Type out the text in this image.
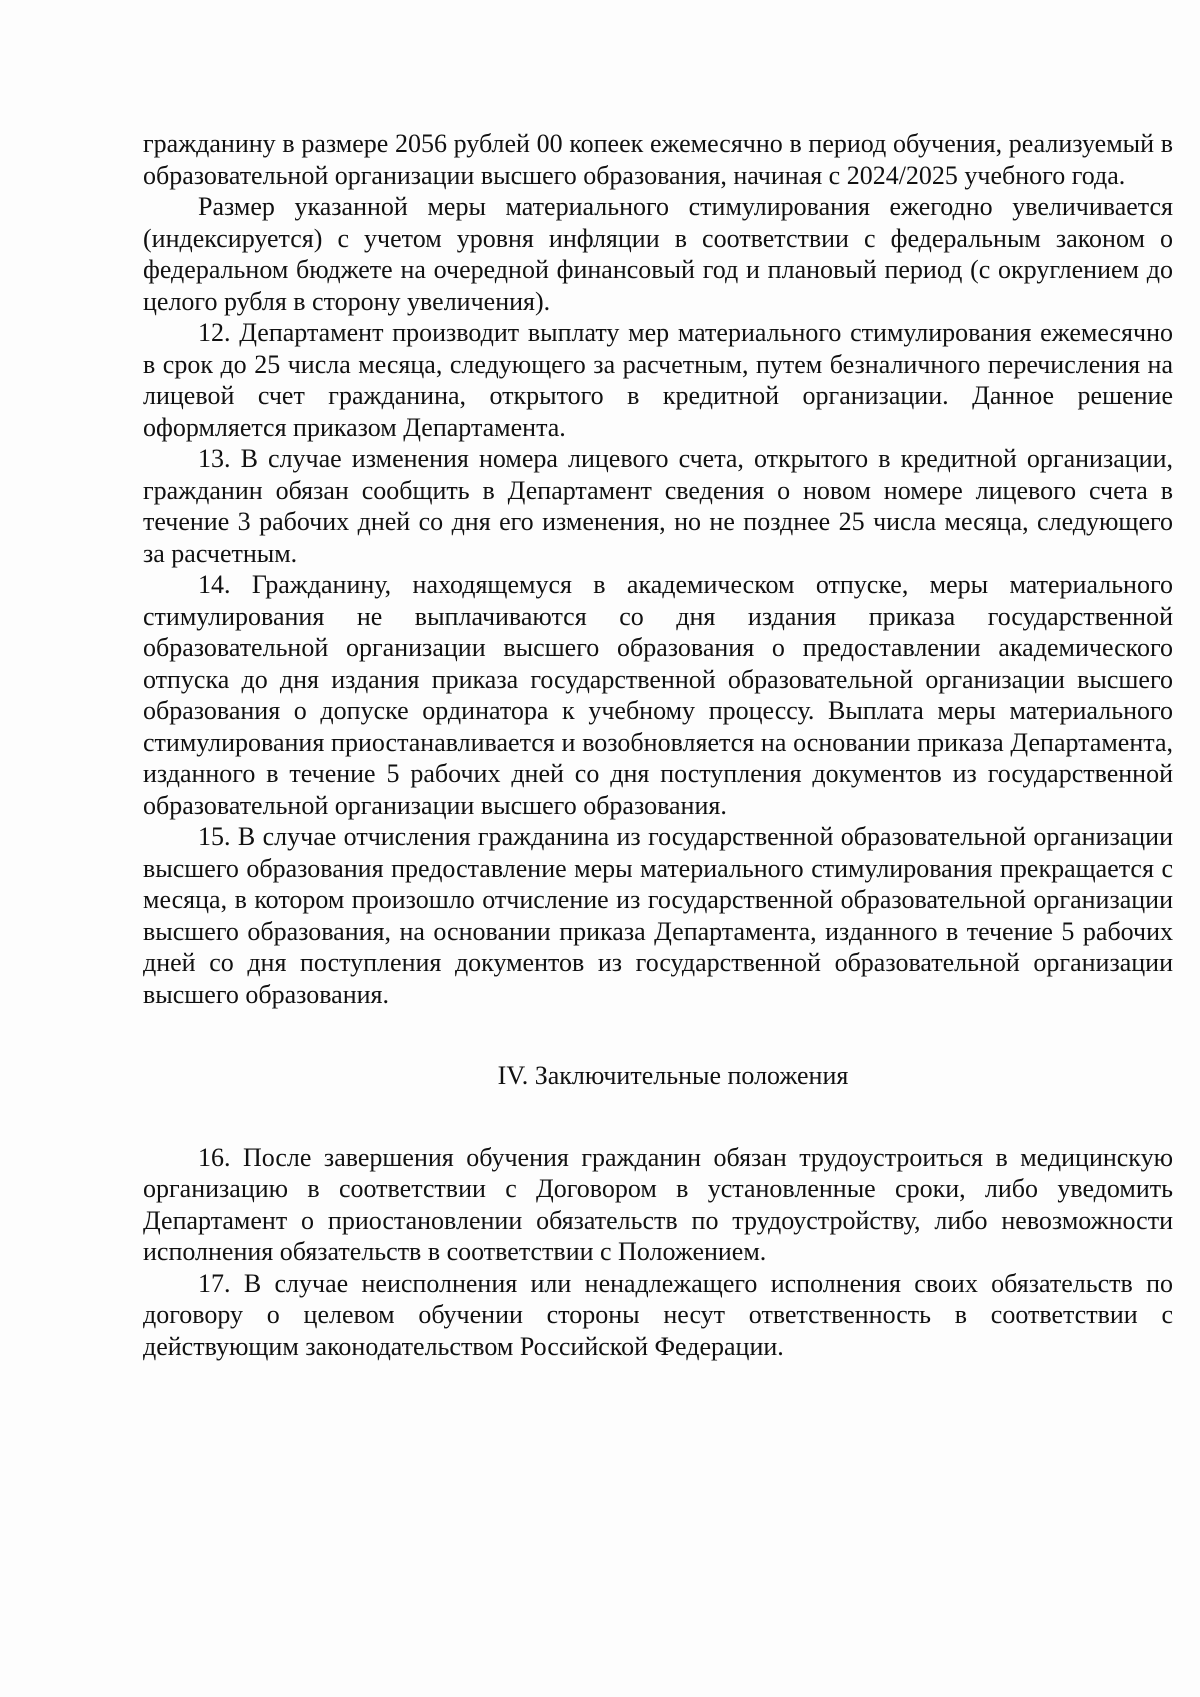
гражданину в размере 2056 рублей 00 копеек ежемесячно в период обучения, реализуемый в образовательной организации высшего образования, начиная с 2024/2025 учебного года.

Размер указанной меры материального стимулирования ежегодно увеличивается (индексируется) с учетом уровня инфляции в соответствии с федеральным законом о федеральном бюджете на очередной финансовый год и плановый период (с округлением до целого рубля в сторону увеличения).

12. Департамент производит выплату мер материального стимулирования ежемесячно в срок до 25 числа месяца, следующего за расчетным, путем безналичного перечисления на лицевой счет гражданина, открытого в кредитной организации. Данное решение оформляется приказом Департамента.

13. В случае изменения номера лицевого счета, открытого в кредитной организации, гражданин обязан сообщить в Департамент сведения о новом номере лицевого счета в течение 3 рабочих дней со дня его изменения, но не позднее 25 числа месяца, следующего за расчетным.

14. Гражданину, находящемуся в академическом отпуске, меры материального стимулирования не выплачиваются со дня издания приказа государственной образовательной организации высшего образования о предоставлении академического отпуска до дня издания приказа государственной образовательной организации высшего образования о допуске ординатора к учебному процессу. Выплата меры материального стимулирования приостанавливается и возобновляется на основании приказа Департамента, изданного в течение 5 рабочих дней со дня поступления документов из государственной образовательной организации высшего образования.

15. В случае отчисления гражданина из государственной образовательной организации высшего образования предоставление меры материального стимулирования прекращается с месяца, в котором произошло отчисление из государственной образовательной организации высшего образования, на основании приказа Департамента, изданного в течение 5 рабочих дней со дня поступления документов из государственной образовательной организации высшего образования.

IV. Заключительные положения

16. После завершения обучения гражданин обязан трудоустроиться в медицинскую организацию в соответствии с Договором в установленные сроки, либо уведомить Департамент о приостановлении обязательств по трудоустройству, либо невозможности исполнения обязательств в соответствии с Положением.

17. В случае неисполнения или ненадлежащего исполнения своих обязательств по договору о целевом обучении стороны несут ответственность в соответствии с действующим законодательством Российской Федерации.
